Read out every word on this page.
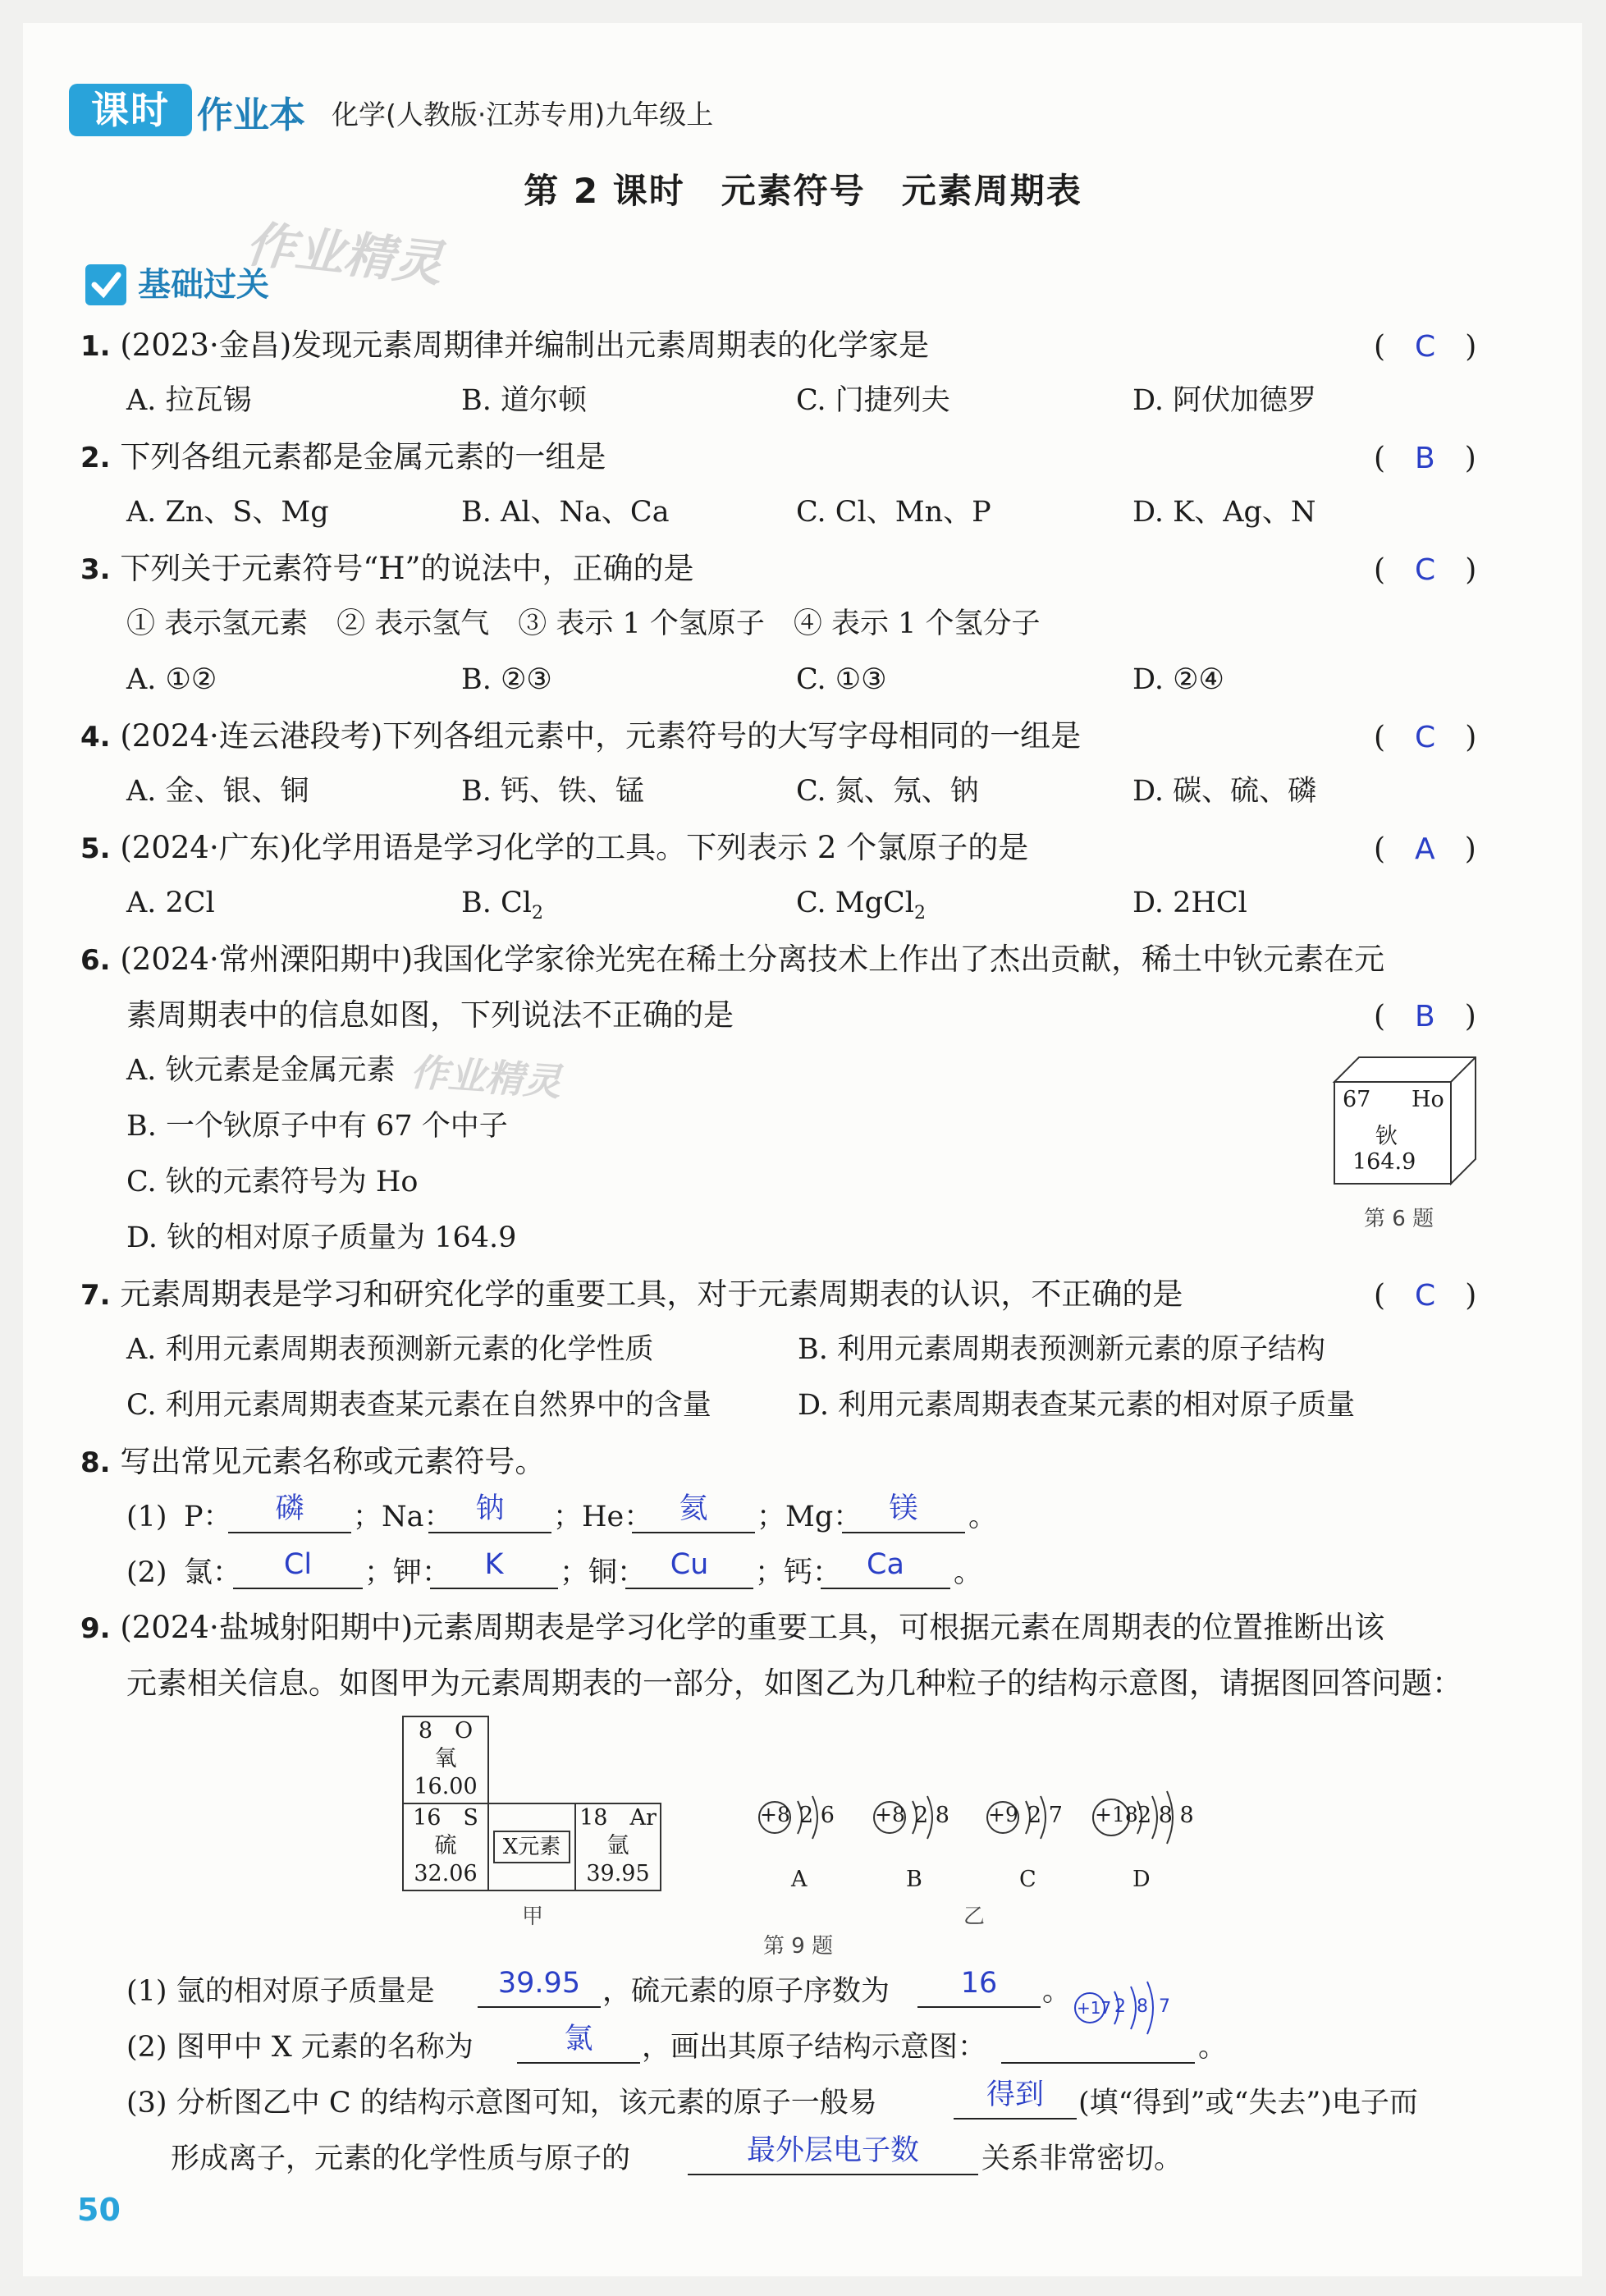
课时 作业本 化学(人教版·江苏专用)九年级上
第 2 课时　元素符号　元素周期表
作业精灵
基础过关
1. (2023·金昌)发现元素周期律并编制出元素周期表的化学家是	(　C　)
A. 拉瓦锡	B. 道尔顿	C. 门捷列夫	D. 阿伏加德罗
2. 下列各组元素都是金属元素的一组是	(　B　)
A. Zn、S、Mg	B. Al、Na、Ca	C. Cl、Mn、P	D. K、Ag、N
3. 下列关于元素符号“H”的说法中，正确的是	(　C　)
① 表示氢元素　② 表示氢气　③ 表示 1 个氢原子　④ 表示 1 个氢分子
A. ①②	B. ②③	C. ①③	D. ②④
4. (2024·连云港段考)下列各组元素中，元素符号的大写字母相同的一组是	(　C　)
A. 金、银、铜	B. 钙、铁、锰	C. 氮、氖、钠	D. 碳、硫、磷
5. (2024·广东)化学用语是学习化学的工具。下列表示 2 个氯原子的是	(　A　)
A. 2Cl	B. $Cl_2$	C. MgCl$_2$	D. 2HCl
6. (2024·常州溧阳期中)我国化学家徐光宪在稀土分离技术上作出了杰出贡献，稀土中钬元素在元
素周期表中的信息如图，下列说法不正确的是	(　B　)
A. 钬元素是金属元素
B. 一个钬原子中有 67 个中子
C. 钬的元素符号为 Ho
D. 钬的相对原子质量为 164.9
作业精灵	67 Ho
钬
164.9
第 6 题
7. 元素周期表是学习和研究化学的重要工具，对于元素周期表的认识，不正确的是	(　C　)
A. 利用元素周期表预测新元素的化学性质	B. 利用元素周期表预测新元素的原子结构
C. 利用元素周期表查某元素在自然界中的含量	D. 利用元素周期表查某元素的相对原子质量
8. 写出常见元素名称或元素符号。
(1) P：	磷	；Na： 钠	；He： 氦	；Mg： 镁	。
(2) 氯：	Cl	；钾：	K	；铜： Cu	；钙： Ca	。
9. (2024·盐城射阳期中)元素周期表是学习化学的重要工具，可根据元素在周期表的位置推断出该
元素相关信息。如图甲为元素周期表的一部分，如图乙为几种粒子的结构示意图，请据图回答问题：
8　 O
氧
16.00
16　 S
硫
32.06
X元素
18　 Ar
氩
39.95
甲
+8 2 6 +8 2 8 +9 2 7 +18 2 8 8
A	B	C	D
乙
第 9 题
(1) 氩的相对原子质量是	39.95 ，硫元素的原子序数为	16	。
(2) 图甲中 X 元素的名称为	氯	，画出其原子结构示意图：	。
+17 2 8 7
(3) 分析图乙中 C 的结构示意图可知，该元素的原子一般易	得到	(填“得到”或“失去”)电子而
形成离子，元素的化学性质与原子的	最外层电子数	关系非常密切。
50
